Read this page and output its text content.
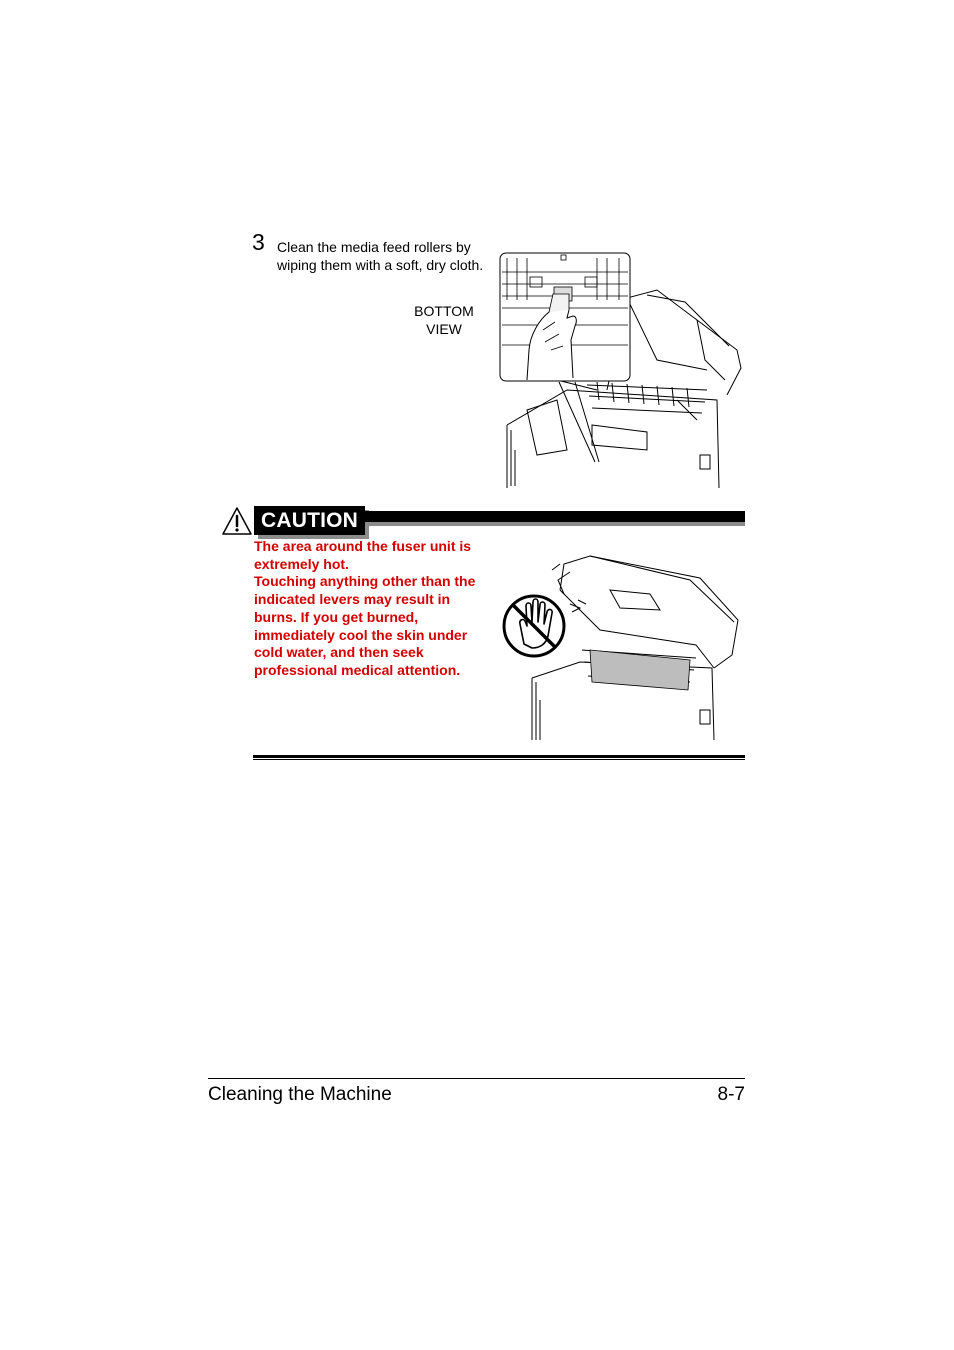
3 Clean the media feed rollers by wiping them with a soft, dry cloth.
BOTTOM VIEW
CAUTION

The area around the fuser unit is extremely hot.

Touching anything other than the indicated levers may result in burns. If you get burned, immediately cool the skin under cold water, and then seek professional medical attention.

Cleaning the Machine	8-7
